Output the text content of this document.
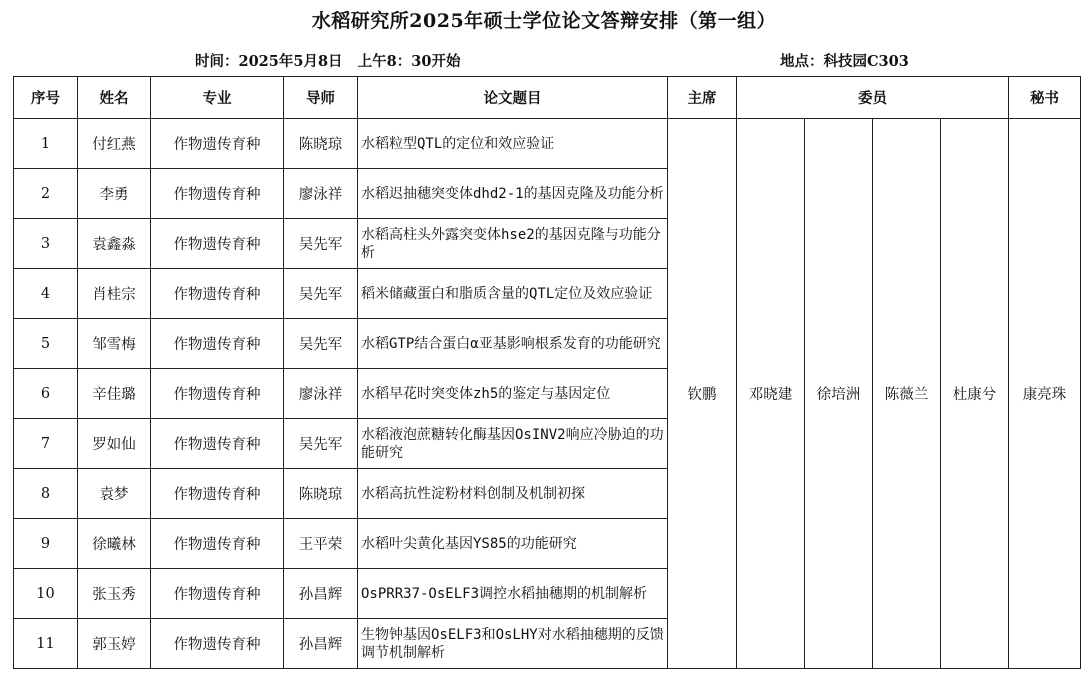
水稻研究所2025年硕士学位论文答辩安排（第一组）
时间：2025年5月8日   上午8：30开始	地点：科技园C303
序号	姓名	专业	导师	论文题目	主席	委员				秘书
1	付红燕	作物遗传育种	陈晓琼	水稻粒型QTL的定位和效应验证	钦鹏	邓晓建	徐培洲	陈薇兰	杜康兮	康亮珠
2	李勇	作物遗传育种	廖泳祥	水稻迟抽穗突变体dhd2-1的基因克隆及功能分析						
3	袁鑫淼	作物遗传育种	吴先军	水稻高柱头外露突变体hse2的基因克隆与功能分析						
4	肖桂宗	作物遗传育种	吴先军	稻米储藏蛋白和脂质含量的QTL定位及效应验证						
5	邹雪梅	作物遗传育种	吴先军	水稻GTP结合蛋白α亚基影响根系发育的功能研究						
6	辛佳璐	作物遗传育种	廖泳祥	水稻早花时突变体zh5的鉴定与基因定位						
7	罗如仙	作物遗传育种	吴先军	水稻液泡蔗糖转化酶基因OsINV2响应冷胁迫的功能研究						
8	袁梦	作物遗传育种	陈晓琼	水稻高抗性淀粉材料创制及机制初探						
9	徐曦林	作物遗传育种	王平荣	水稻叶尖黄化基因YS85的功能研究						
10	张玉秀	作物遗传育种	孙昌辉	OsPRR37-OsELF3调控水稻抽穗期的机制解析						
11	郭玉婷	作物遗传育种	孙昌辉	生物钟基因OsELF3和OsLHY对水稻抽穗期的反馈调节机制解析						
